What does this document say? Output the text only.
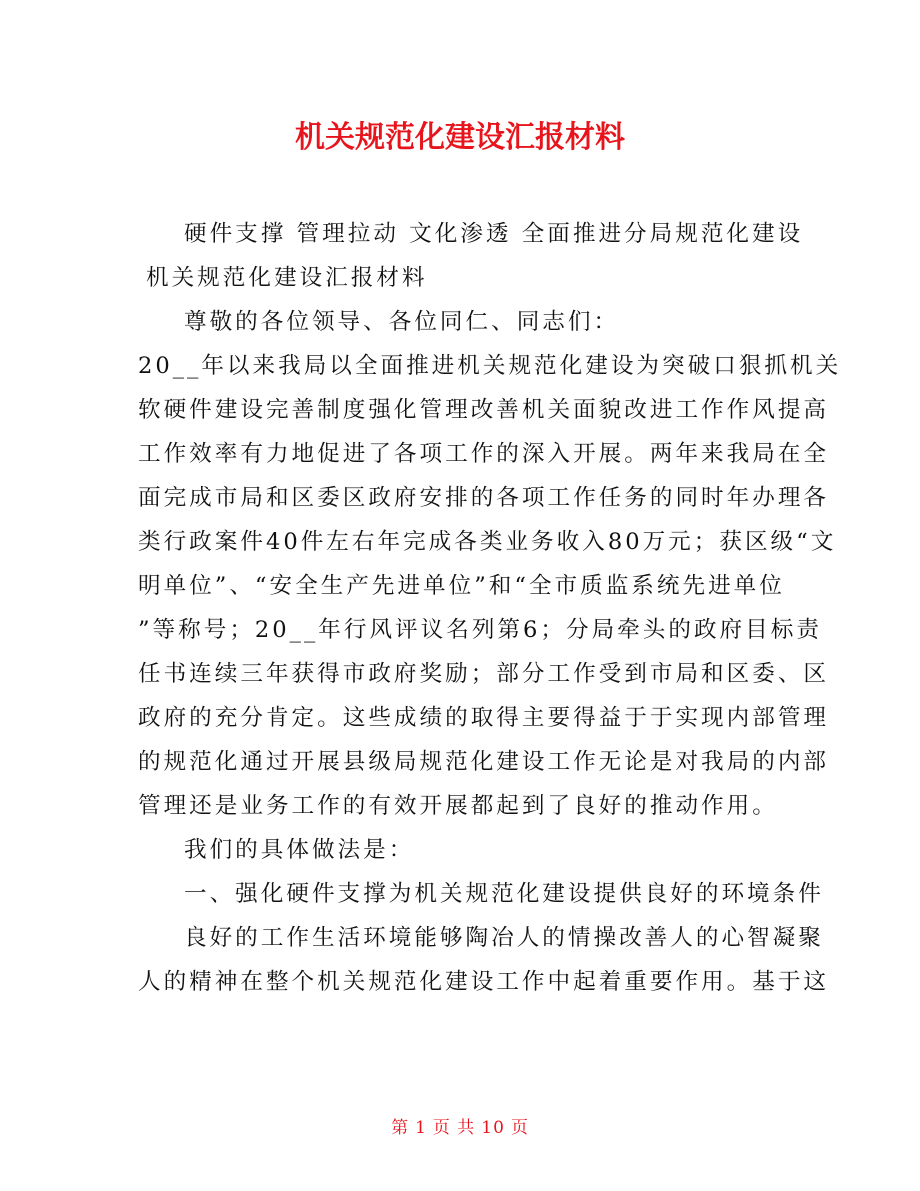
机关规范化建设汇报材料
硬件支撑 管理拉动 文化渗透 全面推进分局规范化建设
机关规范化建设汇报材料
尊敬的各位领导、各位同仁、同志们：
20__年以来我局以全面推进机关规范化建设为突破口狠抓机关
软硬件建设完善制度强化管理改善机关面貌改进工作作风提高
工作效率有力地促进了各项工作的深入开展。两年来我局在全
面完成市局和区委区政府安排的各项工作任务的同时年办理各
类行政案件40件左右年完成各类业务收入80万元；获区级“文
明单位”、“安全生产先进单位”和“全市质监系统先进单位
”等称号；20__年行风评议名列第6；分局牵头的政府目标责
任书连续三年获得市政府奖励；部分工作受到市局和区委、区
政府的充分肯定。这些成绩的取得主要得益于于实现内部管理
的规范化通过开展县级局规范化建设工作无论是对我局的内部
管理还是业务工作的有效开展都起到了良好的推动作用。
我们的具体做法是：
一、强化硬件支撑为机关规范化建设提供良好的环境条件
良好的工作生活环境能够陶冶人的情操改善人的心智凝聚
人的精神在整个机关规范化建设工作中起着重要作用。基于这
第 1 页 共 10 页
